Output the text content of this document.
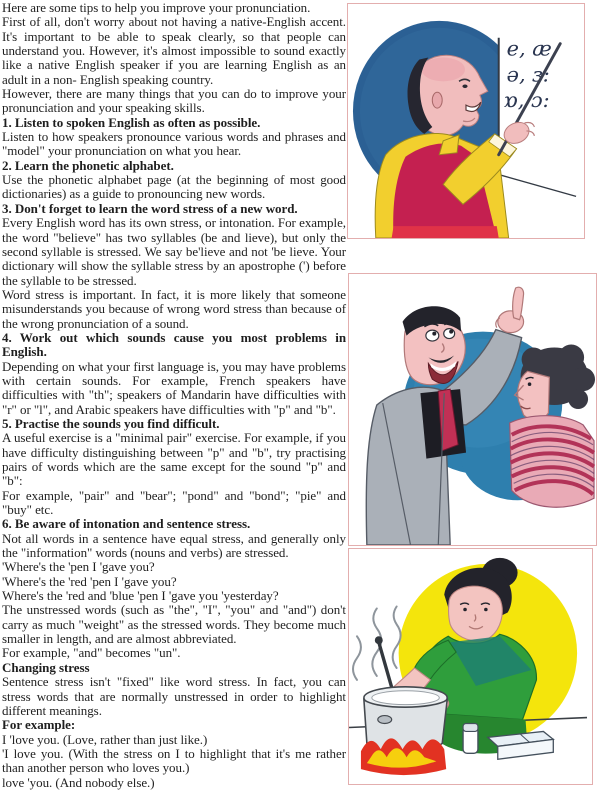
Here are some tips to help you improve your pronunciation.

First of all, don't worry about not having a native-English accent. It's important to be able to speak clearly, so that people can understand you. However, it's almost impossible to sound exactly like a native English speaker if you are learning English as an adult in a non- English speaking country.

However, there are many things that you can do to improve your pronunciation and your speaking skills.

1. Listen to spoken English as often as possible.

Listen to how speakers pronounce various words and phrases and "model" your pronunciation on what you hear.

2. Learn the phonetic alphabet.

Use the phonetic alphabet page (at the beginning of most good dictionaries) as a guide to pronouncing new words.

3. Don't forget to learn the word stress of a new word.

Every English word has its own stress, or intonation. For example, the word "believe" has two syllables (be and lieve), but only the second syllable is stressed. We say be'lieve and not 'be lieve. Your dictionary will show the syllable stress by an apostrophe (') before the syllable to be stressed.

Word stress is important. In fact, it is more likely that someone misunderstands you because of wrong word stress than because of the wrong pronunciation of a sound.

4. Work out which sounds cause you most problems in English.

Depending on what your first language is, you may have problems with certain sounds. For example, French speakers have difficulties with "th"; speakers of Mandarin have difficulties with "r" or "l", and Arabic speakers have difficulties with "p" and "b".

5. Practise the sounds you find difficult.

A useful exercise is a "minimal pair" exercise. For example, if you have difficulty distinguishing between "p" and "b", try practising pairs of words which are the same except for the sound "p" and "b":

For example, "pair" and "bear"; "pond" and "bond"; "pie" and "buy" etc.

6. Be aware of intonation and sentence stress.

Not all words in a sentence have equal stress, and generally only the "information" words (nouns and verbs) are stressed.

'Where's the 'pen I 'gave you?

'Where's the 'red 'pen I 'gave you?

Where's the 'red and 'blue 'pen I 'gave you 'yesterday?

The unstressed words (such as "the", "I", "you" and "and") don't carry as much "weight" as the stressed words. They become much smaller in length, and are almost abbreviated.

For example, "and" becomes "un".

Changing stress

Sentence stress isn't "fixed" like word stress. In fact, you can stress words that are normally unstressed in order to highlight different meanings.

For example:

I 'love you. (Love, rather than just like.)

'I love you. (With the stress on I to highlight that it's me rather than another person who loves you.)

love 'you. (And nobody else.)

e, æ
ə, ɜ:
ɒ, ɔ:
